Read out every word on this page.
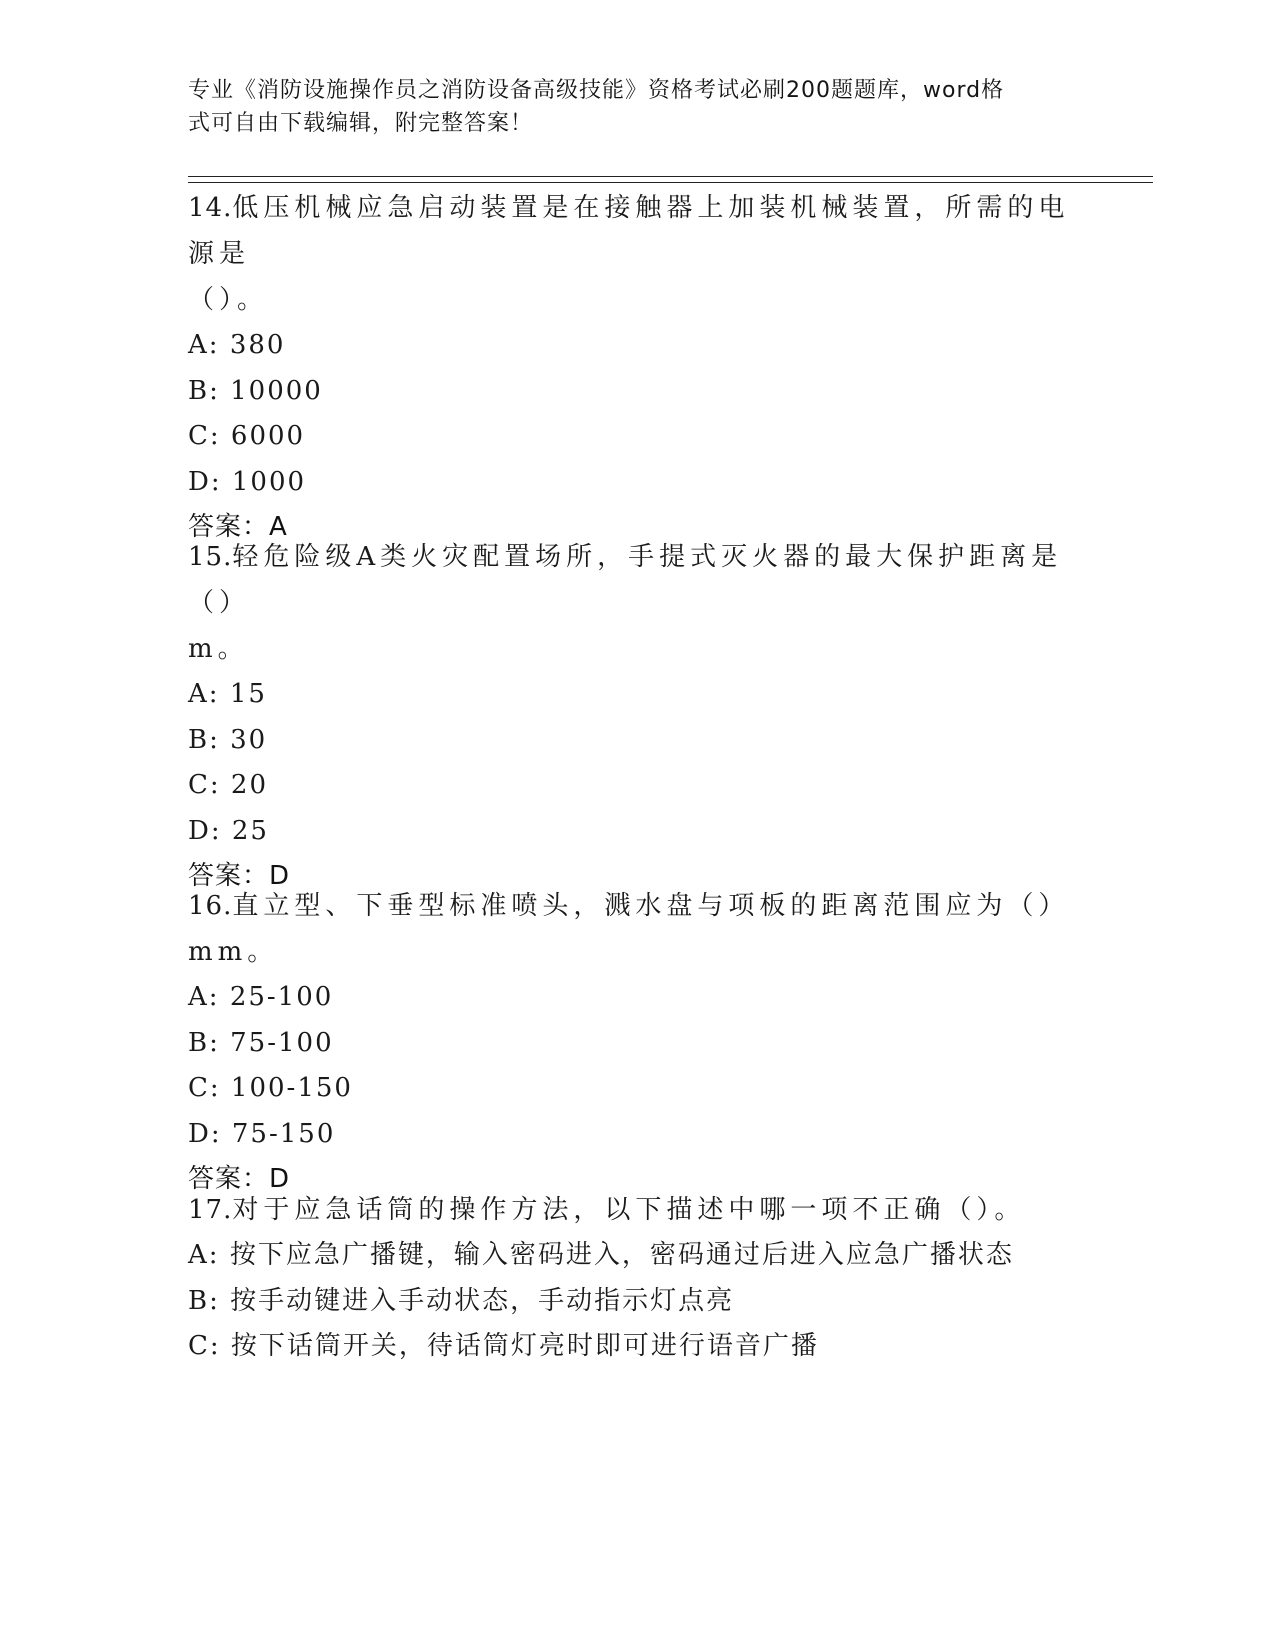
专业《消防设施操作员之消防设备高级技能》资格考试必刷200题题库，word格
式可自由下载编辑，附完整答案！

14.低压机械应急启动装置是在接触器上加装机械装置，所需的电源是

（）。

A: 380

B: 10000

C: 6000

D: 1000

答案：A

15.轻危险级A类火灾配置场所，手提式灭火器的最大保护距离是（）

m。

A: 15

B: 30

C: 20

D: 25

答案：D

16.直立型、下垂型标准喷头，溅水盘与项板的距离范围应为（）mm。

A: 25-100

B: 75-100

C: 100-150

D: 75-150

答案：D

17.对于应急话筒的操作方法，以下描述中哪一项不正确（）。

A: 按下应急广播键，输入密码进入，密码通过后进入应急广播状态

B: 按手动键进入手动状态，手动指示灯点亮

C: 按下话筒开关，待话筒灯亮时即可进行语音广播
